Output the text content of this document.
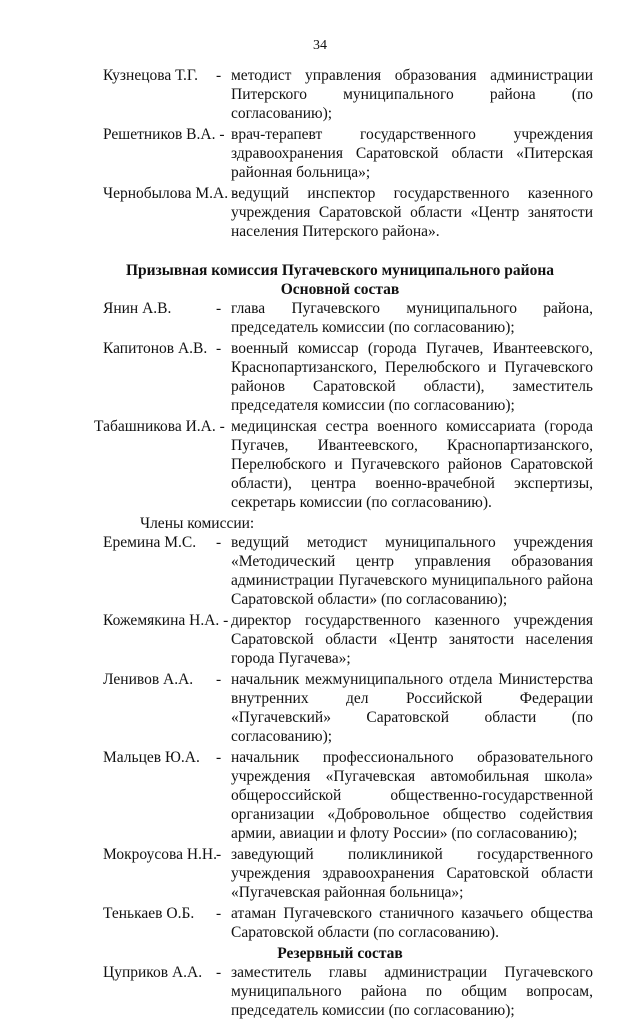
34
Кузнецова Т.Г. - методист управления образования администрации Питерского муниципального района (по согласованию);
Решетников В.А. - врач-терапевт государственного учреждения здравоохранения Саратовской области «Питерская районная больница»;
Чернобылова М.А. -
ведущий инспектор государственного казенного учреждения Саратовской области «Центр занятости населения Питерского района».
Призывная комиссия Пугачевского муниципального района
Основной состав
Янин А.В.	- глава Пугачевского муниципального района, председатель комиссии (по согласованию);
Капитонов А.В. - военный комиссар (города Пугачев, Ивантеевского, Краснопартизанского, Перелюбского и Пугачевского районов Саратовской области), заместитель председателя комиссии (по согласованию);
Табашникова И.А. - медицинская сестра военного комиссариата (города Пугачев, Ивантеевского, Краснопартизанского, Перелюбского и Пугачевского районов Саратовской области), центра военно-врачебной экспертизы, секретарь комиссии (по согласованию).
Члены комиссии:
Еремина М.С. - ведущий методист муниципального учреждения «Методический центр управления образования администрации Пугачевского муниципального района Саратовской области» (по согласованию);
Кожемякина Н.А. - директор государственного казенного учреждения Саратовской области «Центр занятости населения города Пугачева»;
Ленивов А.А. - начальник межмуниципального отдела Министерства внутренних дел Российской Федерации «Пугачевский» Саратовской области (по согласованию);
Мальцев Ю.А. - начальник профессионального образовательного учреждения «Пугачевская автомобильная школа» общероссийской общественно-государственной организации «Добровольное общество содействия армии, авиации и флоту России» (по согласованию);
Мокроусова Н.Н. - заведующий поликлиникой государственного учреждения здравоохранения Саратовской области «Пугачевская районная больница»;
Тенькаев О.Б. - атаман Пугачевского станичного казачьего общества Саратовской области (по согласованию).
Резервный состав
Цуприков А.А. - заместитель главы администрации Пугачевского муниципального района по общим вопросам, председатель комиссии (по согласованию);
